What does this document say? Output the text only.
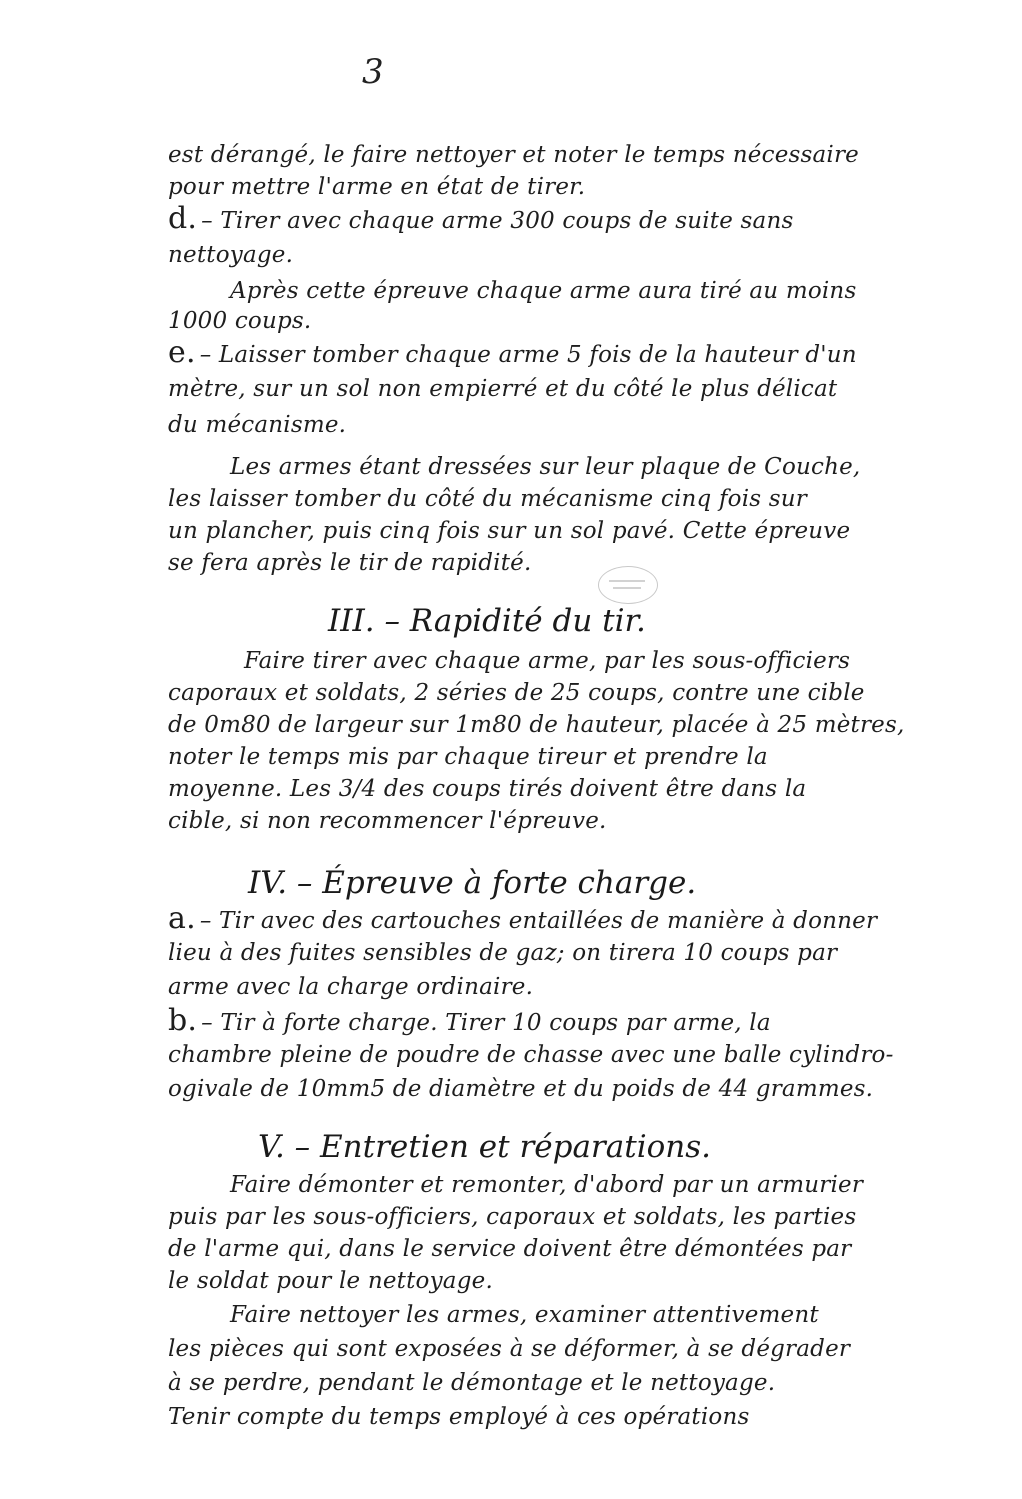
3
est dérangé, le faire nettoyer et noter le temps nécessaire
pour mettre l'arme en état de tirer.
d. – Tirer avec chaque arme 300 coups de suite sans
nettoyage.
Après cette épreuve chaque arme aura tiré au moins
1000 coups.
e. – Laisser tomber chaque arme 5 fois de la hauteur d'un
mètre, sur un sol non empierré et du côté le plus délicat
du mécanisme.
Les armes étant dressées sur leur plaque de Couche,
les laisser tomber du côté du mécanisme cinq fois sur
un plancher, puis cinq fois sur un sol pavé. Cette épreuve
se fera après le tir de rapidité.
III. – Rapidité du tir.
Faire tirer avec chaque arme, par les sous-officiers
caporaux et soldats, 2 séries de 25 coups, contre une cible
de 0m80 de largeur sur 1m80 de hauteur, placée à 25 mètres,
noter le temps mis par chaque tireur et prendre la
moyenne. Les 3/4 des coups tirés doivent être dans la
cible, si non recommencer l'épreuve.
IV. – Épreuve à forte charge.
a. – Tir avec des cartouches entaillées de manière à donner
lieu à des fuites sensibles de gaz; on tirera 10 coups par
arme avec la charge ordinaire.
b. – Tir à forte charge. Tirer 10 coups par arme, la
chambre pleine de poudre de chasse avec une balle cylindro-
ogivale de 10mm5 de diamètre et du poids de 44 grammes.
V. – Entretien et réparations.
Faire démonter et remonter, d'abord par un armurier
puis par les sous-officiers, caporaux et soldats, les parties
de l'arme qui, dans le service doivent être démontées par
le soldat pour le nettoyage.
Faire nettoyer les armes, examiner attentivement
les pièces qui sont exposées à se déformer, à se dégrader
à se perdre, pendant le démontage et le nettoyage.
Tenir compte du temps employé à ces opérations
